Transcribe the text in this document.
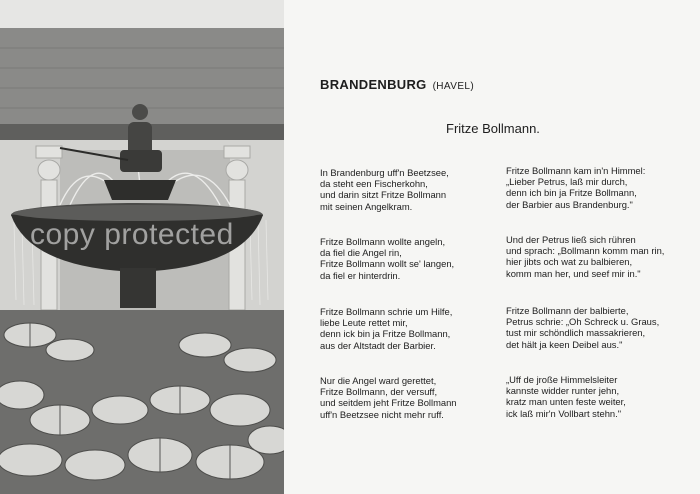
copy protected
BRANDENBURG (HAVEL)
Fritze Bollmann.
In Brandenburg uff'n Beetzsee,
da steht een Fischerkohn,
und darin sitzt Fritze Bollmann
mit seinen Angelkram.
Fritze Bollmann wollte angeln,
da fiel die Angel rin,
Fritze Bollmann wollt se' langen,
da fiel er hinterdrin.
Fritze Bollmann schrie um Hilfe,
liebe Leute rettet mir,
denn ick bin ja Fritze Bollmann,
aus der Altstadt der Barbier.
Nur die Angel ward gerettet,
Fritze Bollmann, der versuff,
und seitdem jeht Fritze Bollmann
uff'n Beetzsee nicht mehr ruff.
Fritze Bollmann kam in'n Himmel:
„Lieber Petrus, laß mir durch,
denn ich bin ja Fritze Bollmann,
der Barbier aus Brandenburg."
Und der Petrus ließ sich rühren
und sprach: „Bollmann komm man rin,
hier jibts och wat zu balbieren,
komm man her, und seef mir in."
Fritze Bollmann der balbierte,
Petrus schrie: „Oh Schreck u. Graus,
tust mir schöndlich massakrieren,
det hält ja keen Deibel aus."
„Uff de jroße Himmelsleiter
kannste widder runter jehn,
kratz man unten feste weiter,
ick laß mir'n Vollbart stehn."
